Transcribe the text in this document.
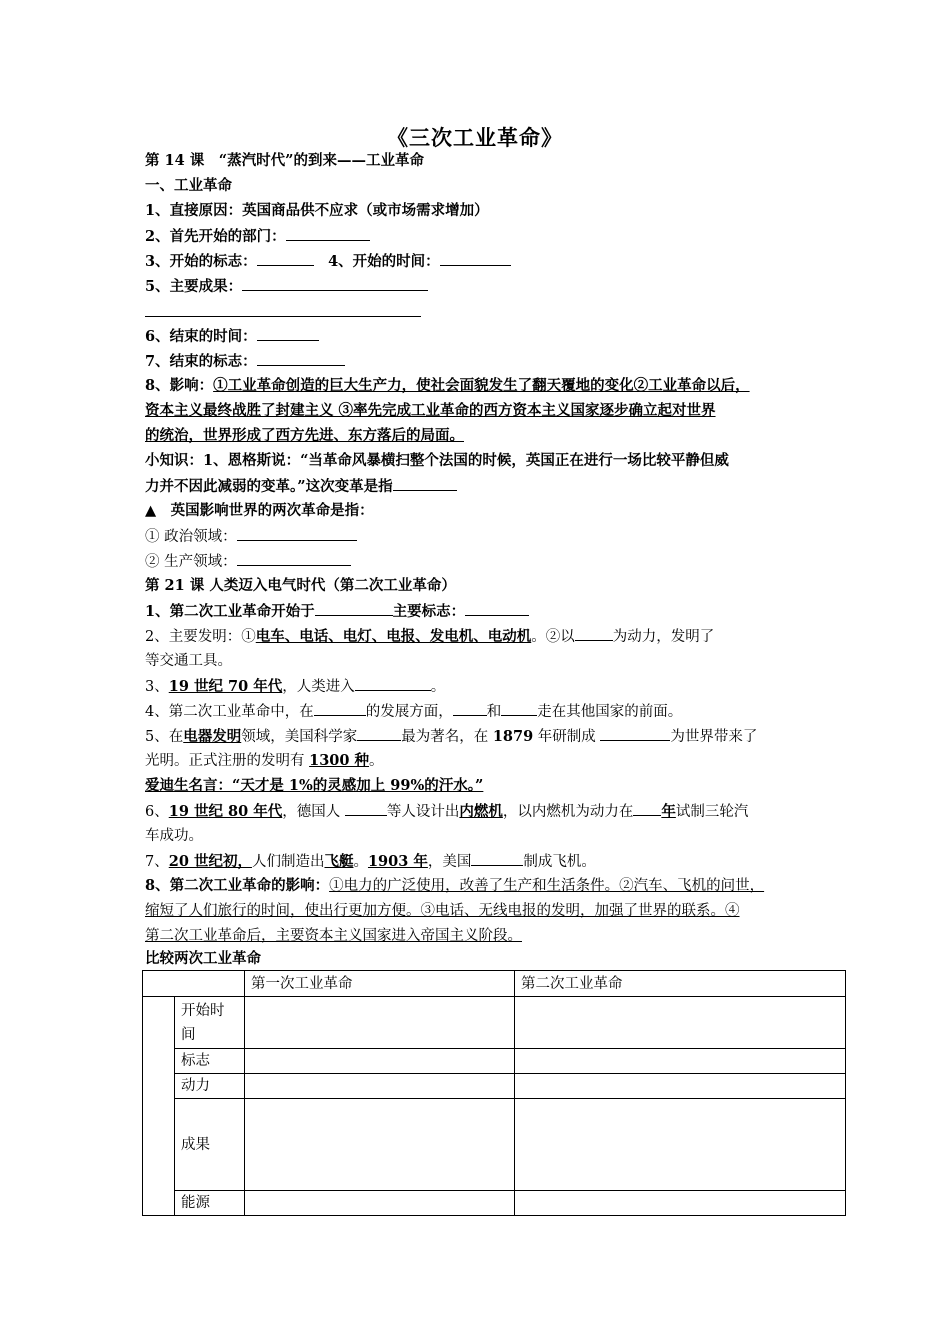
《三次工业革命》
第 14 课　“蒸汽时代”的到来——工业革命
一、工业革命
1、直接原因：英国商品供不应求（或市场需求增加）
2、首先开始的部门：
3、开始的标志：　	4、开始的时间：
5、主要成果：
6、结束的时间：
7、结束的标志：
8、影响：①工业革命创造的巨大生产力，使社会面貌发生了翻天覆地的变化②工业革命以后，
资本主义最终战胜了封建主义 ③率先完成工业革命的西方资本主义国家逐步确立起对世界
的统治，世界形成了西方先进、东方落后的局面。
小知识：1、恩格斯说：“当革命风暴横扫整个法国的时候，英国正在进行一场比较平静但威
力并不因此减弱的变革。”这次变革是指
▲　英国影响世界的两次革命是指：
① 政治领域：
② 生产领域：
第 21 课 人类迈入电气时代（第二次工业革命）
1、第二次工业革命开始于	主要标志：
2、主要发明：①电车、电话、电灯、电报、发电机、电动机。②以	为动力，发明了
等交通工具。
3、19 世纪 70 年代，人类进入	。
4、第二次工业革命中，在	的发展方面， 和 走在其他国家的前面。
5、在电器发明领域，美国科学家	最为著名，在 1879 年研制成	为世界带来了
光明。正式注册的发明有 1300 种。
爱迪生名言：“天才是 1%的灵感加上 99%的汗水。”
6、19 世纪 80 年代，德国人	等人设计出内燃机，以内燃机为动力在 年试制三轮汽
车成功。
7、20 世纪初，人们制造出飞艇。1903 年，美国	制成飞机。
8、第二次工业革命的影响：①电力的广泛使用，改善了生产和生活条件。②汽车、飞机的问世，
缩短了人们旅行的时间，使出行更加方便。③电话、无线电报的发明，加强了世界的联系。④
第二次工业革命后，主要资本主义国家进入帝国主义阶段。
比较两次工业革命
		第一次工业革命	第二次工业革命
	开始时间		
	标志		
	动力		
	成果		
	能源		
